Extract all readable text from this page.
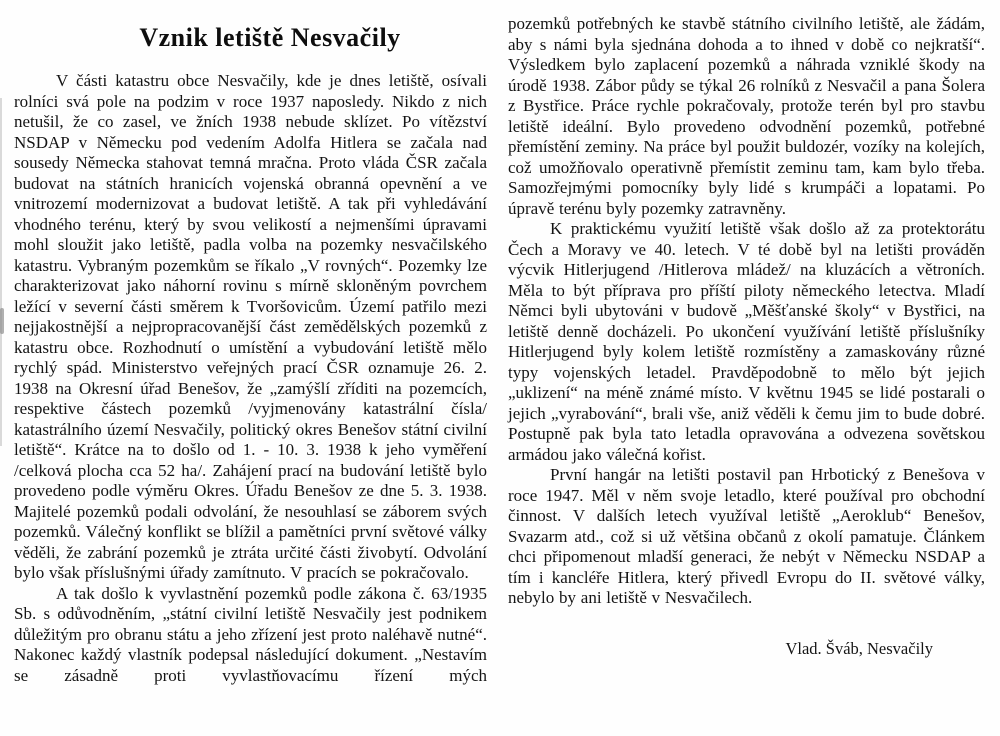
Vznik letiště Nesvačily

V části katastru obce Nesvačily, kde je dnes letiště, osívali rolníci svá pole na podzim v roce 1937 naposledy. Nikdo z nich netušil, že co zasel, ve žních 1938 nebude sklízet. Po vítězství NSDAP v Německu pod vedením Adolfa Hitlera se začala nad sousedy Německa stahovat temná mračna. Proto vláda ČSR začala budovat na státních hranicích vojenská obranná opevnění a ve vnitrozemí modernizovat a budovat letiště. A tak při vyhledávání vhodného terénu, který by svou velikostí a nejmenšími úpravami mohl sloužit jako letiště, padla volba na pozemky nesvačilského katastru. Vybraným pozemkům se říkalo „V rovných“. Pozemky lze charakterizovat jako náhorní rovinu s mírně skloněným povrchem ležící v severní části směrem k Tvoršovicům. Území patřilo mezi nejjakostnější a nejpropracovanější část zemědělských pozemků z katastru obce. Rozhodnutí o umístění a vybudování letiště mělo rychlý spád. Ministerstvo veřejných prací ČSR oznamuje 26. 2. 1938 na Okresní úřad Benešov, že „zamýšlí zříditi na pozemcích, respektive částech pozemků /vyjmenovány katastrální čísla/ katastrálního území Nesvačily, politický okres Benešov státní civilní letiště“. Krátce na to došlo od 1. - 10. 3. 1938 k jeho vyměření /celková plocha cca 52 ha/. Zahájení prací na budování letiště bylo provedeno podle výměru Okres. Úřadu Benešov ze dne 5. 3. 1938. Majitelé pozemků podali odvolání, že nesouhlasí se záborem svých pozemků. Válečný konflikt se blížil a pamětníci první světové války věděli, že zabrání pozemků je ztráta určité části živobytí. Odvolání bylo však příslušnými úřady zamítnuto. V pracích se pokračovalo.

A tak došlo k vyvlastnění pozemků podle zákona č. 63/1935 Sb. s odůvodněním, „státní civilní letiště Nesvačily jest podnikem důležitým pro obranu státu a jeho zřízení jest proto naléhavě nutné“. Nakonec každý vlastník podepsal následující dokument. „Nestavím se zásadně proti vyvlastňovacímu řízení mých

pozemků potřebných ke stavbě státního civilního letiště, ale žádám, aby s námi byla sjednána dohoda a to ihned v době co nejkratší“. Výsledkem bylo zaplacení pozemků a náhrada vzniklé škody na úrodě 1938. Zábor půdy se týkal 26 rolníků z Nesvačil a pana Šolera z Bystřice. Práce rychle pokračovaly, protože terén byl pro stavbu letiště ideální. Bylo provedeno odvodnění pozemků, potřebné přemístění zeminy. Na práce byl použit buldozér, vozíky na kolejích, což umožňovalo operativně přemístit zeminu tam, kam bylo třeba. Samozřejmými pomocníky byly lidé s krumpáči a lopatami. Po úpravě terénu byly pozemky zatravněny.

K praktickému využití letiště však došlo až za protektorátu Čech a Moravy ve 40. letech. V té době byl na letišti prováděn výcvik Hitlerjugend /Hitlerova mládež/ na kluzácích a větroních. Měla to být příprava pro příští piloty německého letectva. Mladí Němci byli ubytováni v budově „Měšťanské školy“ v Bystřici, na letiště denně docházeli. Po ukončení využívání letiště příslušníky Hitlerjugend byly kolem letiště rozmístěny a zamaskovány různé typy vojenských letadel. Pravděpodobně to mělo být jejich „uklizení“ na méně známé místo. V květnu 1945 se lidé postarali o jejich „vyrabování“, brali vše, aniž věděli k čemu jim to bude dobré. Postupně pak byla tato letadla opravována a odvezena sovětskou armádou jako válečná kořist.

První hangár na letišti postavil pan Hrbotický z Benešova v roce 1947. Měl v něm svoje letadlo, které používal pro obchodní činnost. V dalších letech využíval letiště „Aeroklub“ Benešov, Svazarm atd., což si už většina občanů z okolí pamatuje. Článkem chci připomenout mladší generaci, že nebýt v Německu NSDAP a tím i kancléře Hitlera, který přivedl Evropu do II. světové války, nebylo by ani letiště v Nesvačilech.

Vlad. Šváb, Nesvačily
